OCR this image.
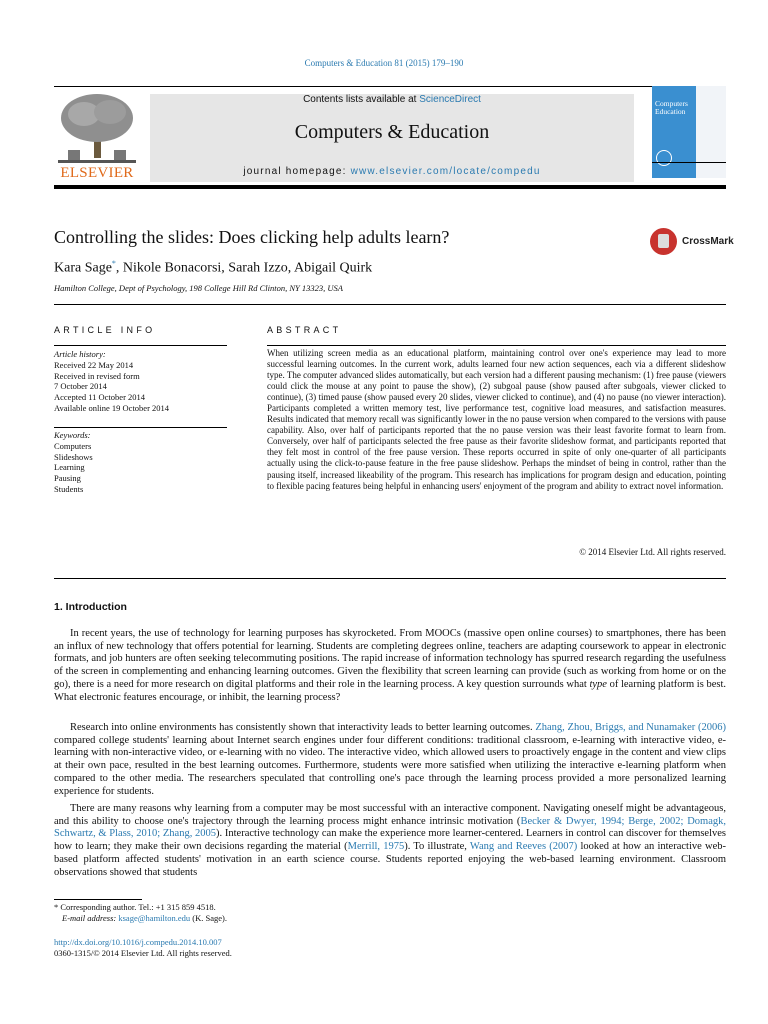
Computers & Education 81 (2015) 179–190
ELSEVIER
Contents lists available at ScienceDirect
Computers & Education
journal homepage: www.elsevier.com/locate/compedu
Computers Education
Controlling the slides: Does clicking help adults learn?	CrossMark
Kara Sage*, Nikole Bonacorsi, Sarah Izzo, Abigail Quirk
Hamilton College, Dept of Psychology, 198 College Hill Rd Clinton, NY 13323, USA
ARTICLE INFO	ABSTRACT
Article history:
Received 22 May 2014
Received in revised form
7 October 2014
Accepted 11 October 2014
Available online 19 October 2014
Keywords:
Computers
Slideshows
Learning
Pausing
Students
When utilizing screen media as an educational platform, maintaining control over one's experience may lead to more successful learning outcomes. In the current work, adults learned four new action sequences, each via a different slideshow type. The computer advanced slides automatically, but each version had a different pausing mechanism: (1) free pause (viewers could click the mouse at any point to pause the show), (2) subgoal pause (show paused after subgoals, viewer clicked to continue), (3) timed pause (show paused every 20 slides, viewer clicked to continue), and (4) no pause (no viewer interaction). Participants completed a written memory test, live performance test, cognitive load measures, and satisfaction measures. Results indicated that memory recall was significantly lower in the no pause version when compared to the versions with pause capability. Also, over half of participants reported that the no pause version was their least favorite format to learn from. Conversely, over half of participants selected the free pause as their favorite slideshow format, and participants reported that they felt most in control of the free pause version. These reports occurred in spite of only one-quarter of all participants actually using the click-to-pause feature in the free pause slideshow. Perhaps the mindset of being in control, rather than the pausing itself, increased likeability of the program. This research has implications for program design and education, pointing to flexible pacing features being helpful in enhancing users' enjoyment of the program and ability to extract novel information.
© 2014 Elsevier Ltd. All rights reserved.
1. Introduction
In recent years, the use of technology for learning purposes has skyrocketed. From MOOCs (massive open online courses) to smartphones, there has been an influx of new technology that offers potential for learning. Students are completing degrees online, teachers are adapting coursework to appear in electronic formats, and job hunters are often seeking telecommuting positions. The rapid increase of information technology has spurred research regarding the usefulness of the screen in complementing and enhancing learning outcomes. Given the flexibility that screen learning can provide (such as working from home or on the go), there is a need for more research on digital platforms and their role in the learning process. A key question surrounds what type of learning platform is best. What electronic features encourage, or inhibit, the learning process?
Research into online environments has consistently shown that interactivity leads to better learning outcomes. Zhang, Zhou, Briggs, and Nunamaker (2006) compared college students' learning about Internet search engines under four different conditions: traditional classroom, e-learning with interactive video, e-learning with non-interactive video, or e-learning with no video. The interactive video, which allowed users to proactively engage in the content and view clips at their own pace, resulted in the best learning outcomes. Furthermore, students were more satisfied when utilizing the interactive e-learning platform when compared to the other media. The researchers speculated that controlling one's pace through the learning process provided a more personalized learning experience for students.
There are many reasons why learning from a computer may be most successful with an interactive component. Navigating oneself might be advantageous, and this ability to choose one's trajectory through the learning process might enhance intrinsic motivation (Becker & Dwyer, 1994; Berge, 2002; Domagk, Schwartz, & Plass, 2010; Zhang, 2005). Interactive technology can make the experience more learner-centered. Learners in control can discover for themselves how to learn; they make their own decisions regarding the material (Merrill, 1975). To illustrate, Wang and Reeves (2007) looked at how an interactive web-based platform affected students' motivation in an earth science course. Students reported enjoying the web-based learning environment. Classroom observations showed that students
* Corresponding author. Tel.: +1 315 859 4518.
E-mail address: ksage@hamilton.edu (K. Sage).
http://dx.doi.org/10.1016/j.compedu.2014.10.007
0360-1315/© 2014 Elsevier Ltd. All rights reserved.
